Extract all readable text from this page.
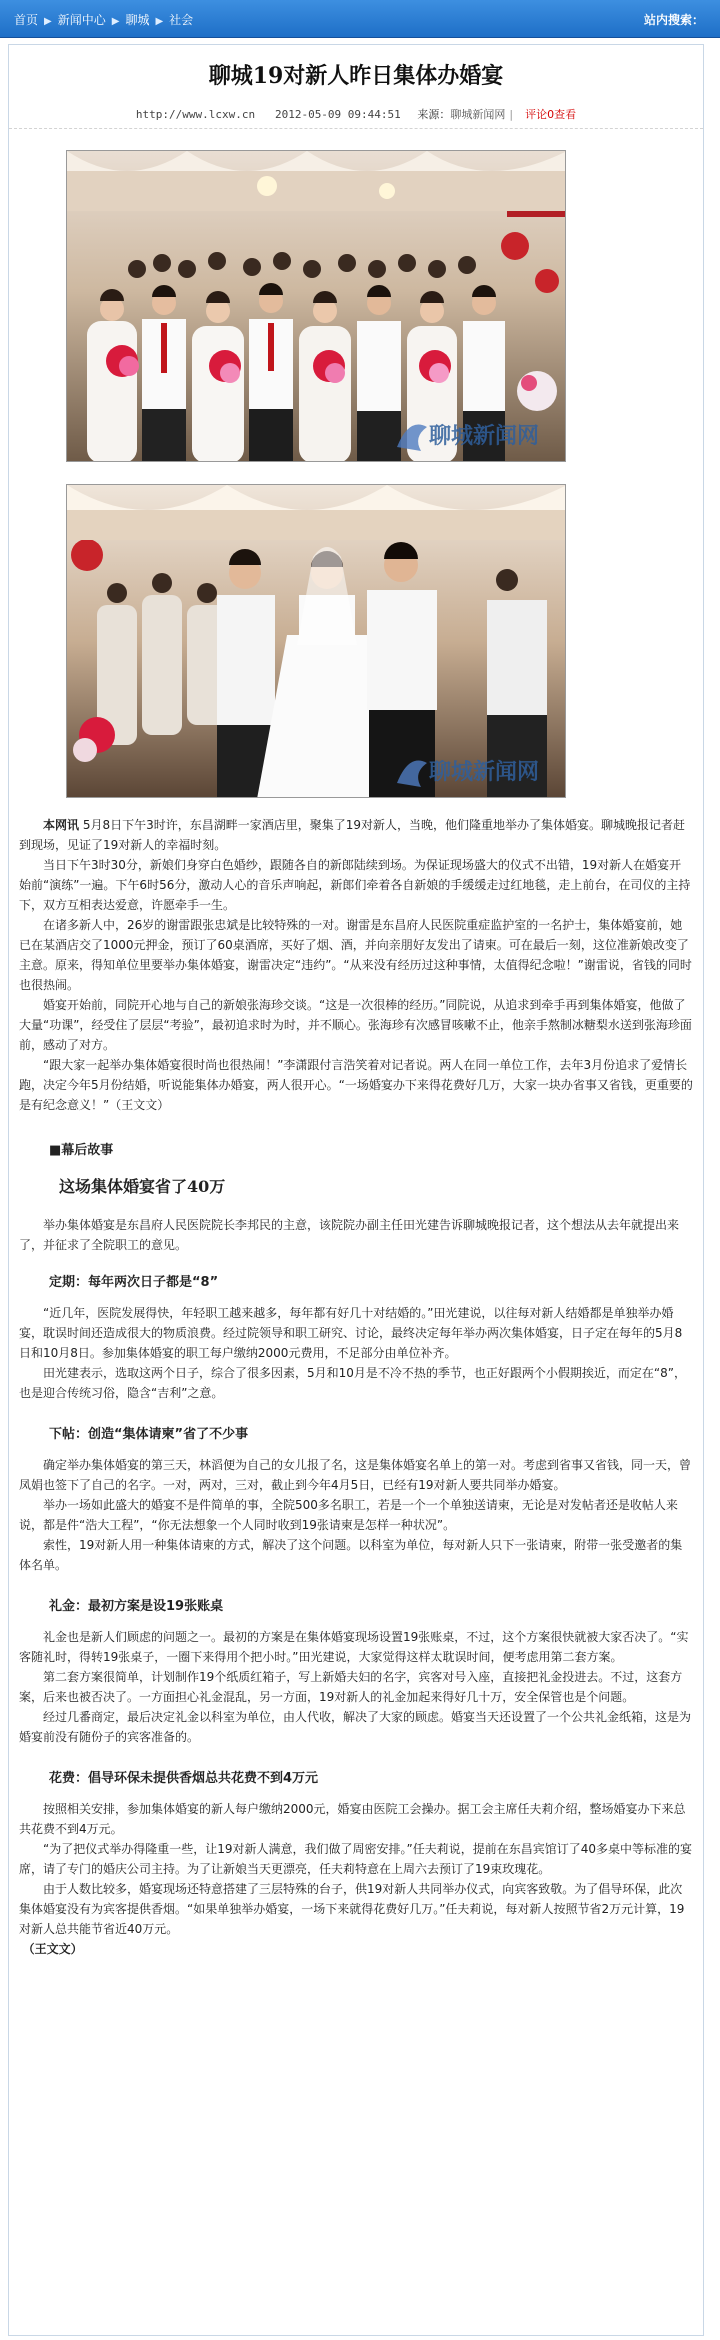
首页 ▶ 新闻中心 ▶ 聊城 ▶ 社会	站内搜索：
聊城19对新人昨日集体办婚宴
http://www.lcxw.cn 2012-05-09 09:44:51 来源：聊城新闻网 | 评论0查看
聊城新闻网
聊城新闻网

本网讯 5月8日下午3时许，东昌湖畔一家酒店里，聚集了19对新人，当晚，他们隆重地举办了集体婚宴。聊城晚报记者赶到现场，见证了19对新人的幸福时刻。

当日下午3时30分，新娘们身穿白色婚纱，跟随各自的新郎陆续到场。为保证现场盛大的仪式不出错，19对新人在婚宴开始前“演练”一遍。下午6时56分，激动人心的音乐声响起，新郎们牵着各自新娘的手缓缓走过红地毯，走上前台，在司仪的主持下，双方互相表达爱意，许愿牵手一生。

在诸多新人中，26岁的谢雷跟张忠斌是比较特殊的一对。谢雷是东昌府人民医院重症监护室的一名护士，集体婚宴前，她已在某酒店交了1000元押金，预订了60桌酒席，买好了烟、酒，并向亲朋好友发出了请柬。可在最后一刻，这位准新娘改变了主意。原来，得知单位里要举办集体婚宴，谢雷决定“违约”。“从来没有经历过这种事情，太值得纪念啦！”谢雷说，省钱的同时也很热闹。

婚宴开始前，同院开心地与自己的新娘张海珍交谈。“这是一次很棒的经历。”同院说，从追求到牵手再到集体婚宴，他做了大量“功课”，经受住了层层“考验”，最初追求时为时，并不顺心。张海珍有次感冒咳嗽不止，他亲手熬制冰糖梨水送到张海珍面前，感动了对方。

“跟大家一起举办集体婚宴很时尚也很热闹！”李潇跟付言浩笑着对记者说。两人在同一单位工作，去年3月份追求了爱情长跑，决定今年5月份结婚，听说能集体办婚宴，两人很开心。“一场婚宴办下来得花费好几万，大家一块办省事又省钱，更重要的是有纪念意义！”（王文文）

■幕后故事
这场集体婚宴省了40万

举办集体婚宴是东昌府人民医院院长李邦民的主意，该院院办副主任田光建告诉聊城晚报记者，这个想法从去年就提出来了，并征求了全院职工的意见。

定期：每年两次日子都是“8”

“近几年，医院发展得快，年轻职工越来越多，每年都有好几十对结婚的。”田光建说，以往每对新人结婚都是单独举办婚宴，耽误时间还造成很大的物质浪费。经过院领导和职工研究、讨论，最终决定每年举办两次集体婚宴，日子定在每年的5月8日和10月8日。参加集体婚宴的职工每户缴纳2000元费用，不足部分由单位补齐。

田光建表示，选取这两个日子，综合了很多因素，5月和10月是不冷不热的季节，也正好跟两个小假期挨近，而定在“8”，也是迎合传统习俗，隐含“吉利”之意。

下帖：创造“集体请柬”省了不少事

确定举办集体婚宴的第三天，林滔便为自己的女儿报了名，这是集体婚宴名单上的第一对。考虑到省事又省钱，同一天，曾凤娟也签下了自己的名字。一对，两对，三对，截止到今年4月5日，已经有19对新人要共同举办婚宴。

举办一场如此盛大的婚宴不是件简单的事，全院500多名职工，若是一个一个单独送请柬，无论是对发帖者还是收帖人来说，都是件“浩大工程”，“你无法想象一个人同时收到19张请柬是怎样一种状况”。

索性，19对新人用一种集体请柬的方式，解决了这个问题。以科室为单位，每对新人只下一张请柬，附带一张受邀者的集体名单。

礼金：最初方案是设19张账桌

礼金也是新人们顾虑的问题之一。最初的方案是在集体婚宴现场设置19张账桌，不过，这个方案很快就被大家否决了。“实客随礼时，得转19张桌子，一圈下来得用个把小时。”田光建说，大家觉得这样太耽误时间，便考虑用第二套方案。

第二套方案很简单，计划制作19个纸质红箱子，写上新婚夫妇的名字，宾客对号入座，直接把礼金投进去。不过，这套方案，后来也被否决了。一方面担心礼金混乱，另一方面，19对新人的礼金加起来得好几十万，安全保管也是个问题。

经过几番商定，最后决定礼金以科室为单位，由人代收，解决了大家的顾虑。婚宴当天还设置了一个公共礼金纸箱，这是为婚宴前没有随份子的宾客准备的。

花费：倡导环保未提供香烟总共花费不到4万元

按照相关安排，参加集体婚宴的新人每户缴纳2000元，婚宴由医院工会操办。据工会主席任夫莉介绍，整场婚宴办下来总共花费不到4万元。

“为了把仪式举办得隆重一些，让19对新人满意，我们做了周密安排。”任夫莉说，提前在东昌宾馆订了40多桌中等标准的宴席，请了专门的婚庆公司主持。为了让新娘当天更漂亮，任夫莉特意在上周六去预订了19束玫瑰花。

由于人数比较多，婚宴现场还特意搭建了三层特殊的台子，供19对新人共同举办仪式，向宾客致敬。为了倡导环保，此次集体婚宴没有为宾客提供香烟。“如果单独举办婚宴，一场下来就得花费好几万。”任夫莉说，每对新人按照节省2万元计算，19对新人总共能节省近40万元。

（王文文）
